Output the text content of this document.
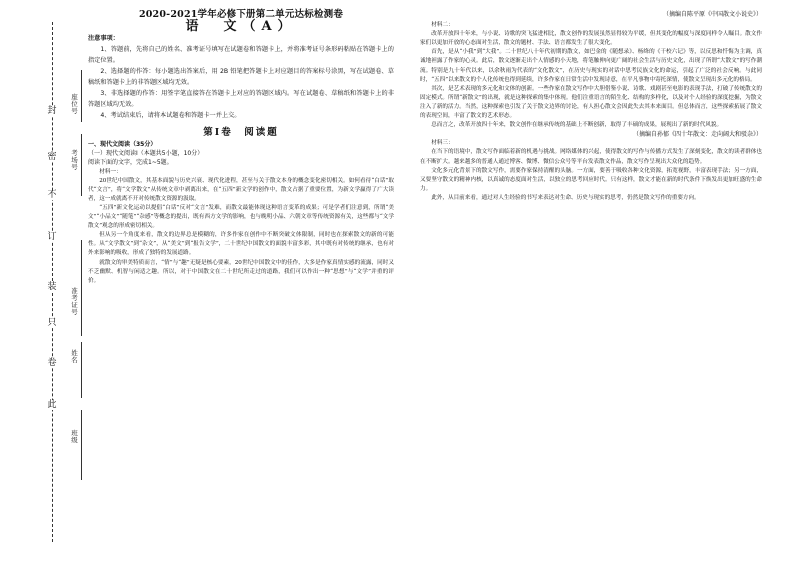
封
密
不
订
装
只
卷
此
座位号
考场号
准考证号
姓名
班级
2020-2021学年必修下册第二单元达标检测卷
语　文（A）
注意事项：

1、答题前，先将自己的姓名、准考证号填写在试题卷和答题卡上，并将准考证号条形码粘贴在答题卡上的指定位置。

2、选择题的作答：每小题选出答案后，用 2B 铅笔把答题卡上对应题目的答案标号涂黑，写在试题卷、草稿纸和答题卡上的非答题区域均无效。

3、非选择题的作答：用签字笔直接答在答题卡上对应的答题区域内。写在试题卷、草稿纸和答题卡上的非答题区域均无效。

4、考试结束后，请将本试题卷和答题卡一并上交。

第Ⅰ卷　阅读题
一、现代文阅读（35分）
（一）现代文阅读Ⅰ（本题共5小题，10分）
阅读下面的文字，完成1~5题。
材料一：

20世纪中国散文，其基本面貌与历史兴衰、现代化进程，甚至与关于散文本身的概念变化密切相关。如何看待“白话”取代“文言”，将“文学散文”从传统文章中剥离出来，在“五四”新文学的创作中，散文占据了重要位置，为新文学赢得了广大读者，这一成就离不开对传统散文资源的汲取。

“五四”新文化运动以提倡“白话”反对“文言”发难，而散文最能体现这种语言变革的成果；可是学者们注意到，所谓“美文”“小品文”“随笔”“杂感”等概念的提出，既有西方文学的影响，也与晚明小品、六朝文章等传统资源有关，这些都与“文学散文”观念的形成密切相关。

但从另一个角度来看，散文的边界总是模糊的，许多作家在创作中不断突破文体限制，同时也在探索散文的新的可能性。从“文学散文”到“杂文”，从“美文”到“报告文学”，二十世纪中国散文的面貌丰富多彩，其中既有对传统的继承，也有对外来影响的吸收，形成了独特的发展道路。

就散文的审美特质而言，“情”与“趣”无疑是核心要素，20世纪中国散文中的佳作，大多是作家真情实感的流露，同时又不乏幽默、机智与闲适之趣。所以，对于中国散文在二十世纪所走过的道路，我们可以作出一种“思想”与“文学”并重的评价。

（摘编自陈平原《中国散文小说史》）
材料二：

改革开放四十年来，与小说、诗歌的突飞猛进相比，散文创作的发展虽然显得较为平缓，但其变化的幅度与深度同样令人瞩目。散文作家们以更加开放的心态面对生活，散文的题材、手法、语言都发生了很大变化。

首先，是从“小我”到“大我”。二十世纪八十年代初期的散文，如巴金的《随想录》、杨绛的《干校六记》等，以反思和忏悔为主调，真诚地袒露了作家的心灵。此后，散文逐渐走出个人情感的小天地，将笔触伸向更广阔的社会生活与历史文化，出现了所谓“大散文”的写作潮流。特别是九十年代以来，以余秋雨为代表的“文化散文”，在历史与现实的对话中思考民族文化的命运，引起了广泛的社会反响。与此同时，“五四”以来散文的个人化传统也得到延续，许多作家在日常生活中发现诗意，在平凡事物中寄托深情，使散文呈现出多元化的格局。

其次，是艺术表现的多元化和文体的创新。一些作家在散文写作中大胆借鉴小说、诗歌、戏剧甚至电影的表现手法，打破了传统散文的固定模式。所谓“新散文”的出现，就是这种探索的集中体现。他们注重语言的陌生化、结构的多样化，以及对个人经验的深度挖掘，为散文注入了新的活力。当然，这种探索也引发了关于散文边界的讨论，有人担心散文会因此失去其本来面目。但总体而言，这些探索拓展了散文的表现空间，丰富了散文的艺术形态。

总而言之，改革开放四十年来，散文创作在继承传统的基础上不断创新，取得了丰硕的成果，展现出了新的时代风貌。

（摘编自孙郁《四十年散文：走向阔大和驳杂》）
材料三：

在当下的语境中，散文写作面临着新的机遇与挑战。网络媒体的兴起，使得散文的写作与传播方式发生了深刻变化，散文的读者群体也在不断扩大。越来越多的普通人通过博客、微博、微信公众号等平台发表散文作品，散文写作呈现出大众化的趋势。

文化多元化背景下的散文写作，需要作家保持清醒的头脑。一方面，要善于吸收各种文化资源，拓宽视野，丰富表现手法；另一方面，又要坚守散文的精神内核，以真诚的态度面对生活，以独立的思考回应时代。只有这样，散文才能在新的时代条件下焕发出更加旺盛的生命力。

此外，从目前来看，通过对人生经验的书写来表达对生命、历史与现实的思考，仍然是散文写作的重要方向。
